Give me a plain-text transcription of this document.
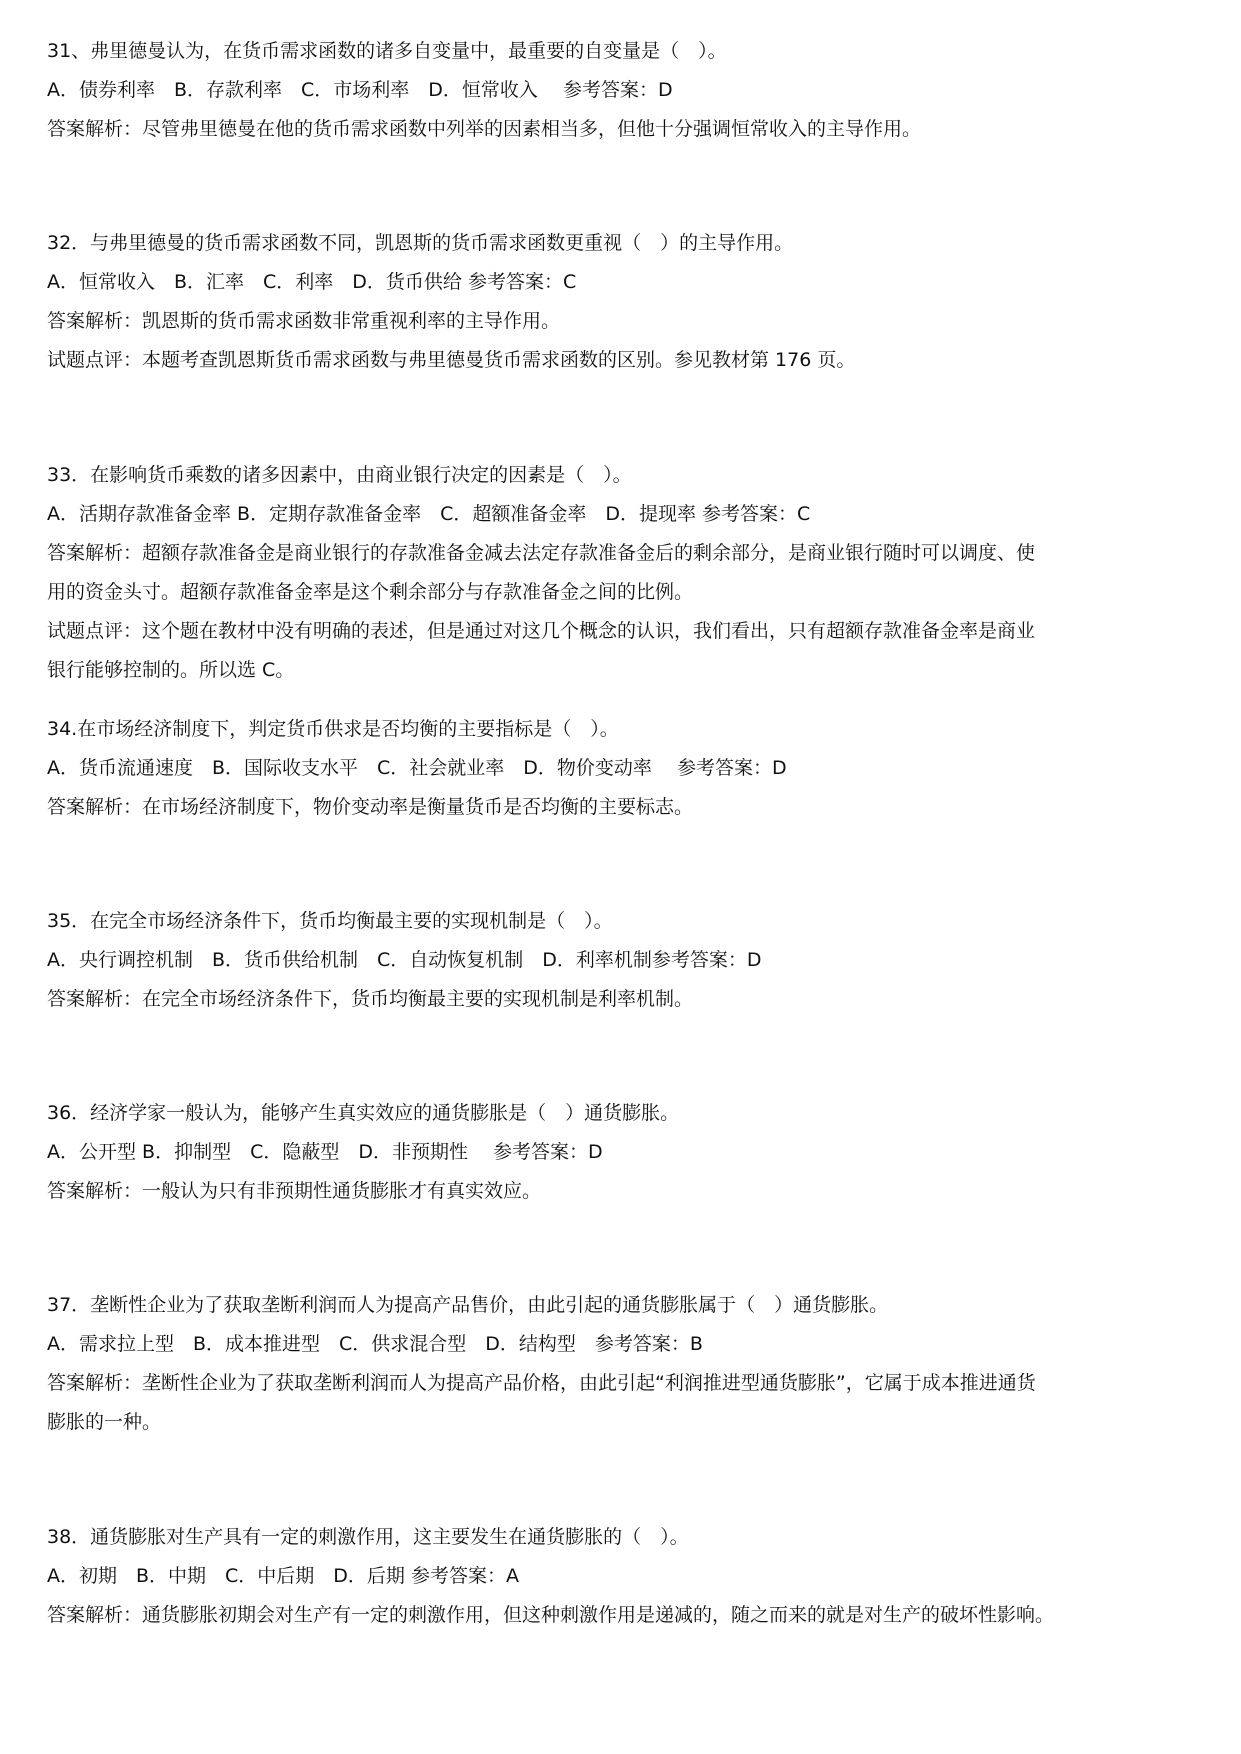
31、弗里德曼认为，在货币需求函数的诸多自变量中，最重要的自变量是（　）。

A．债券利率　B．存款利率　C．市场利率　D．恒常收入　 参考答案：D

答案解析：尽管弗里德曼在他的货币需求函数中列举的因素相当多，但他十分强调恒常收入的主导作用。

32．与弗里德曼的货币需求函数不同，凯恩斯的货币需求函数更重视（　）的主导作用。

A．恒常收入　B．汇率　C．利率　D．货币供给 参考答案：C

答案解析：凯恩斯的货币需求函数非常重视利率的主导作用。

试题点评：本题考查凯恩斯货币需求函数与弗里德曼货币需求函数的区别。参见教材第 176 页。

33．在影响货币乘数的诸多因素中，由商业银行决定的因素是（　）。

A．活期存款准备金率 B．定期存款准备金率　C．超额准备金率　D．提现率 参考答案：C

答案解析：超额存款准备金是商业银行的存款准备金减去法定存款准备金后的剩余部分，是商业银行随时可以调度、使

用的资金头寸。超额存款准备金率是这个剩余部分与存款准备金之间的比例。

试题点评：这个题在教材中没有明确的表述，但是通过对这几个概念的认识，我们看出，只有超额存款准备金率是商业

银行能够控制的。所以选 C。

34.在市场经济制度下，判定货币供求是否均衡的主要指标是（　）。

A．货币流通速度　B．国际收支水平　C．社会就业率　D．物价变动率　 参考答案：D

答案解析：在市场经济制度下，物价变动率是衡量货币是否均衡的主要标志。

35．在完全市场经济条件下，货币均衡最主要的实现机制是（　）。

A．央行调控机制　B．货币供给机制　C．自动恢复机制　D．利率机制参考答案：D

答案解析：在完全市场经济条件下，货币均衡最主要的实现机制是利率机制。

36．经济学家一般认为，能够产生真实效应的通货膨胀是（　）通货膨胀。

A．公开型 B．抑制型　C．隐蔽型　D．非预期性　 参考答案：D

答案解析：一般认为只有非预期性通货膨胀才有真实效应。

37．垄断性企业为了获取垄断利润而人为提高产品售价，由此引起的通货膨胀属于（　）通货膨胀。

A．需求拉上型　B．成本推进型　C．供求混合型　D．结构型　参考答案：B

答案解析：垄断性企业为了获取垄断利润而人为提高产品价格，由此引起“利润推进型通货膨胀”，它属于成本推进通货

膨胀的一种。

38．通货膨胀对生产具有一定的刺激作用，这主要发生在通货膨胀的（　）。

A．初期　B．中期　C．中后期　D．后期 参考答案：A

答案解析：通货膨胀初期会对生产有一定的刺激作用，但这种刺激作用是递减的，随之而来的就是对生产的破坏性影响。
